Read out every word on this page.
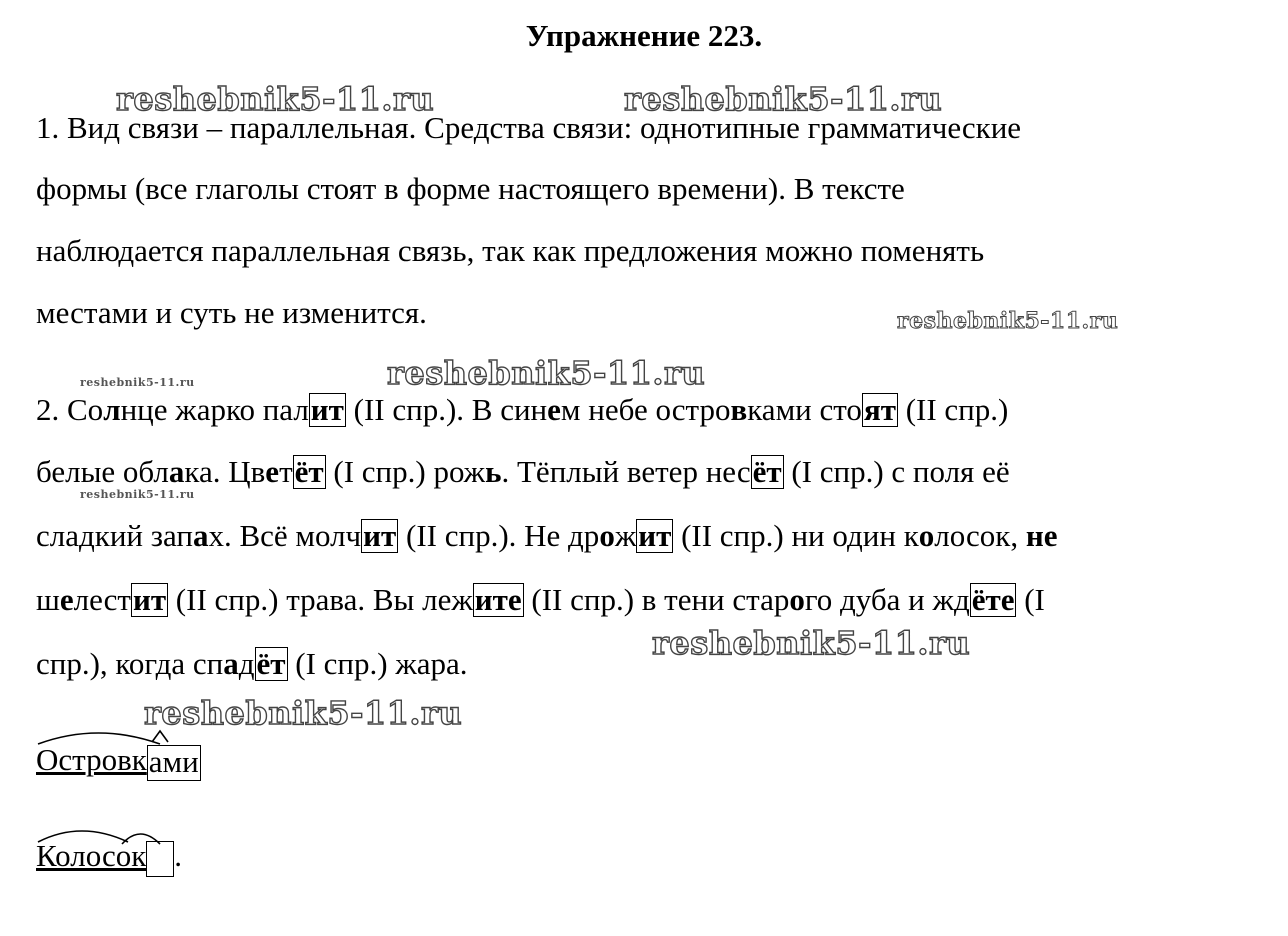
Упражнение 223.
reshebnik5-11.ru	reshebnik5-11.ru
reshebnik5-11.ru
reshebnik5-11.ru
reshebnik5-11.ru
reshebnik5-11.ru
reshebnik5-11.ru
reshebnik5-11.ru
1. Вид связи – параллельная. Средства связи: однотипные грамматические
формы (все глаголы стоят в форме настоящего времени). В тексте
наблюдается параллельная связь, так как предложения можно поменять
местами и суть не изменится.
2. Солнце жарко палит (II спр.). В синем небе островками стоят (II спр.)
белые облака. Цветёт (I спр.) рожь. Тёплый ветер несёт (I спр.) с поля её
сладкий запах. Всё молчит (II спр.). Не дрожит (II спр.) ни один колосок, не
шелестит (II спр.) трава. Вы лежите (II спр.) в тени старого дуба и ждёте (I
спр.), когда спадёт (I спр.) жара.
Островками
Колосок .
